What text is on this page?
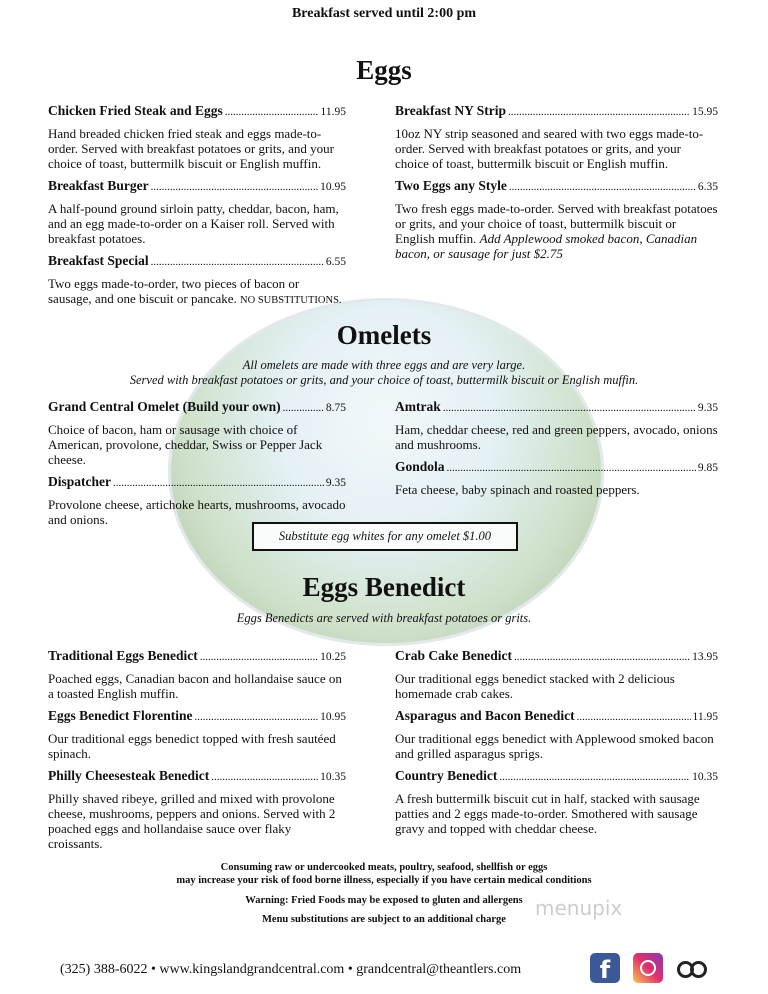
Breakfast served until 2:00 pm
Eggs
Chicken Fried Steak and Eggs .....	11.95
Hand breaded chicken fried steak and eggs made-to-order. Served with breakfast potatoes or grits, and your choice of toast, buttermilk biscuit or English muffin.
Breakfast Burger .....	10.95
A half-pound ground sirloin patty, cheddar, bacon, ham, and an egg made-to-order on a Kaiser roll. Served with breakfast potatoes.
Breakfast Special .....	6.55
Two eggs made-to-order, two pieces of bacon or sausage, and one biscuit or pancake. NO SUBSTITUTIONS.
Breakfast NY Strip .....	15.95
10oz NY strip seasoned and seared with two eggs made-to-order. Served with breakfast potatoes or grits, and your choice of toast, buttermilk biscuit or English muffin.
Two Eggs any Style .....	6.35
Two fresh eggs made-to-order. Served with breakfast potatoes or grits, and your choice of toast, buttermilk biscuit or English muffin. Add Applewood smoked bacon, Canadian bacon, or sausage for just $2.75
Omelets
All omelets are made with three eggs and are very large.
Served with breakfast potatoes or grits, and your choice of toast, buttermilk biscuit or English muffin.
Grand Central Omelet (Build your own) .....	8.75
Choice of bacon, ham or sausage with choice of American, provolone, cheddar, Swiss or Pepper Jack cheese.
Dispatcher .....	9.35
Provolone cheese, artichoke hearts, mushrooms, avocado and onions.
Amtrak .....	9.35
Ham, cheddar cheese, red and green peppers, avocado, onions and mushrooms.
Gondola .....	9.85
Feta cheese, baby spinach and roasted peppers.
Substitute egg whites for any omelet $1.00
Eggs Benedict
Eggs Benedicts are served with breakfast potatoes or grits.
Traditional Eggs Benedict .....	10.25
Poached eggs, Canadian bacon and hollandaise sauce on a toasted English muffin.
Eggs Benedict Florentine .....	10.95
Our traditional eggs benedict topped with fresh sautéed spinach.
Philly Cheesesteak Benedict .....	10.35
Philly shaved ribeye, grilled and mixed with provolone cheese, mushrooms, peppers and onions. Served with 2 poached eggs and hollandaise sauce over flaky croissants.
Crab Cake Benedict .....	13.95
Our traditional eggs benedict stacked with 2 delicious homemade crab cakes.
Asparagus and Bacon Benedict .....	11.95
Our traditional eggs benedict with Applewood smoked bacon and grilled asparagus sprigs.
Country Benedict .....	10.35
A fresh buttermilk biscuit cut in half, stacked with sausage patties and 2 eggs made-to-order. Smothered with sausage gravy and topped with cheddar cheese.
Consuming raw or undercooked meats, poultry, seafood, shellfish or eggs
may increase your risk of food borne illness, especially if you have certain medical conditions
Warning: Fried Foods may be exposed to gluten and allergens
Menu substitutions are subject to an additional charge	menupix
(325) 388-6022 • www.kingslandgrandcentral.com • grandcentral@theantlers.com	f
